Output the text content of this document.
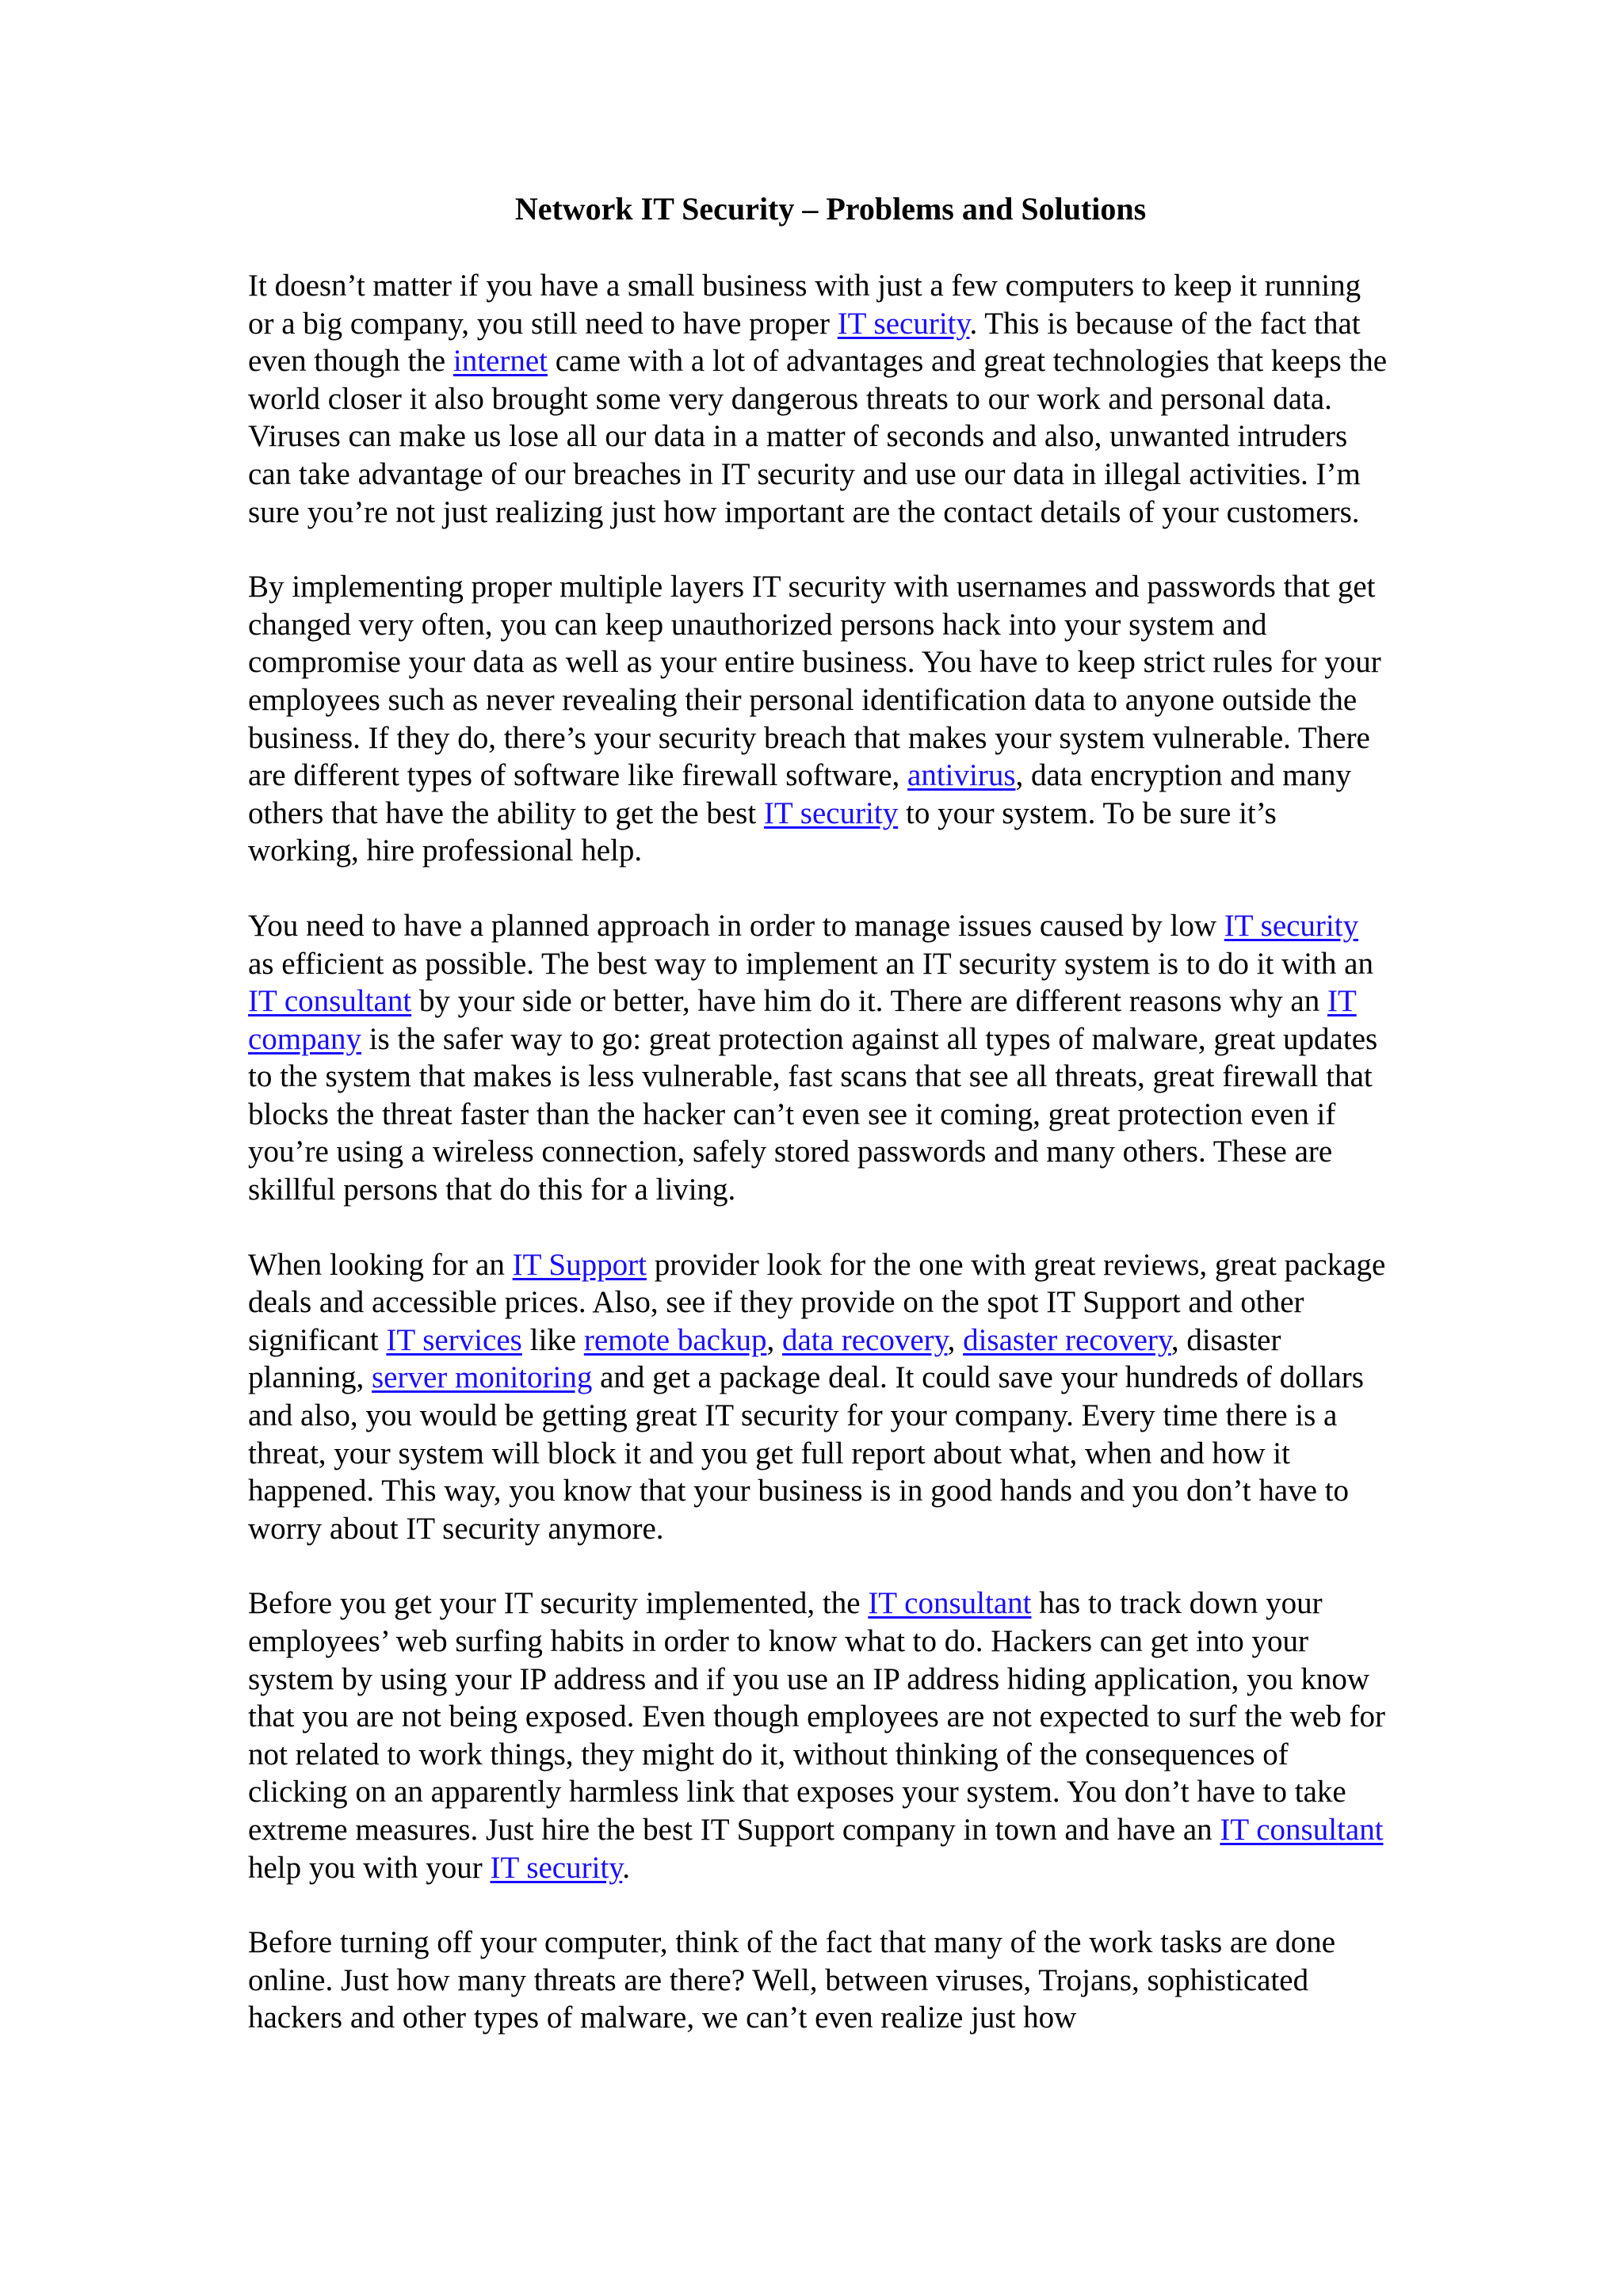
Network IT Security – Problems and Solutions

It doesn’t matter if you have a small business with just a few computers to keep it running or a big company, you still need to have proper IT security. This is because of the fact that even though the internet came with a lot of advantages and great technologies that keeps the world closer it also brought some very dangerous threats to our work and personal data. Viruses can make us lose all our data in a matter of seconds and also, unwanted intruders can take advantage of our breaches in IT security and use our data in illegal activities. I’m sure you’re not just realizing just how important are the contact details of your customers.

By implementing proper multiple layers IT security with usernames and passwords that get changed very often, you can keep unauthorized persons hack into your system and compromise your data as well as your entire business. You have to keep strict rules for your employees such as never revealing their personal identification data to anyone outside the business. If they do, there’s your security breach that makes your system vulnerable. There are different types of software like firewall software, antivirus, data encryption and many others that have the ability to get the best IT security to your system. To be sure it’s working, hire professional help.

You need to have a planned approach in order to manage issues caused by low IT security as efficient as possible. The best way to implement an IT security system is to do it with an IT consultant by your side or better, have him do it. There are different reasons why an IT company is the safer way to go: great protection against all types of malware, great updates to the system that makes is less vulnerable, fast scans that see all threats, great firewall that blocks the threat faster than the hacker can’t even see it coming, great protection even if you’re using a wireless connection, safely stored passwords and many others. These are skillful persons that do this for a living.

When looking for an IT Support provider look for the one with great reviews, great package deals and accessible prices. Also, see if they provide on the spot IT Support and other significant IT services like remote backup, data recovery, disaster recovery, disaster planning, server monitoring and get a package deal. It could save your hundreds of dollars and also, you would be getting great IT security for your company. Every time there is a threat, your system will block it and you get full report about what, when and how it happened. This way, you know that your business is in good hands and you don’t have to worry about IT security anymore.

Before you get your IT security implemented, the IT consultant has to track down your employees’ web surfing habits in order to know what to do. Hackers can get into your system by using your IP address and if you use an IP address hiding application, you know that you are not being exposed. Even though employees are not expected to surf the web for not related to work things, they might do it, without thinking of the consequences of clicking on an apparently harmless link that exposes your system. You don’t have to take extreme measures. Just hire the best IT Support company in town and have an IT consultant help you with your IT security.

Before turning off your computer, think of the fact that many of the work tasks are done online. Just how many threats are there? Well, between viruses, Trojans, sophisticated hackers and other types of malware, we can’t even realize just how
